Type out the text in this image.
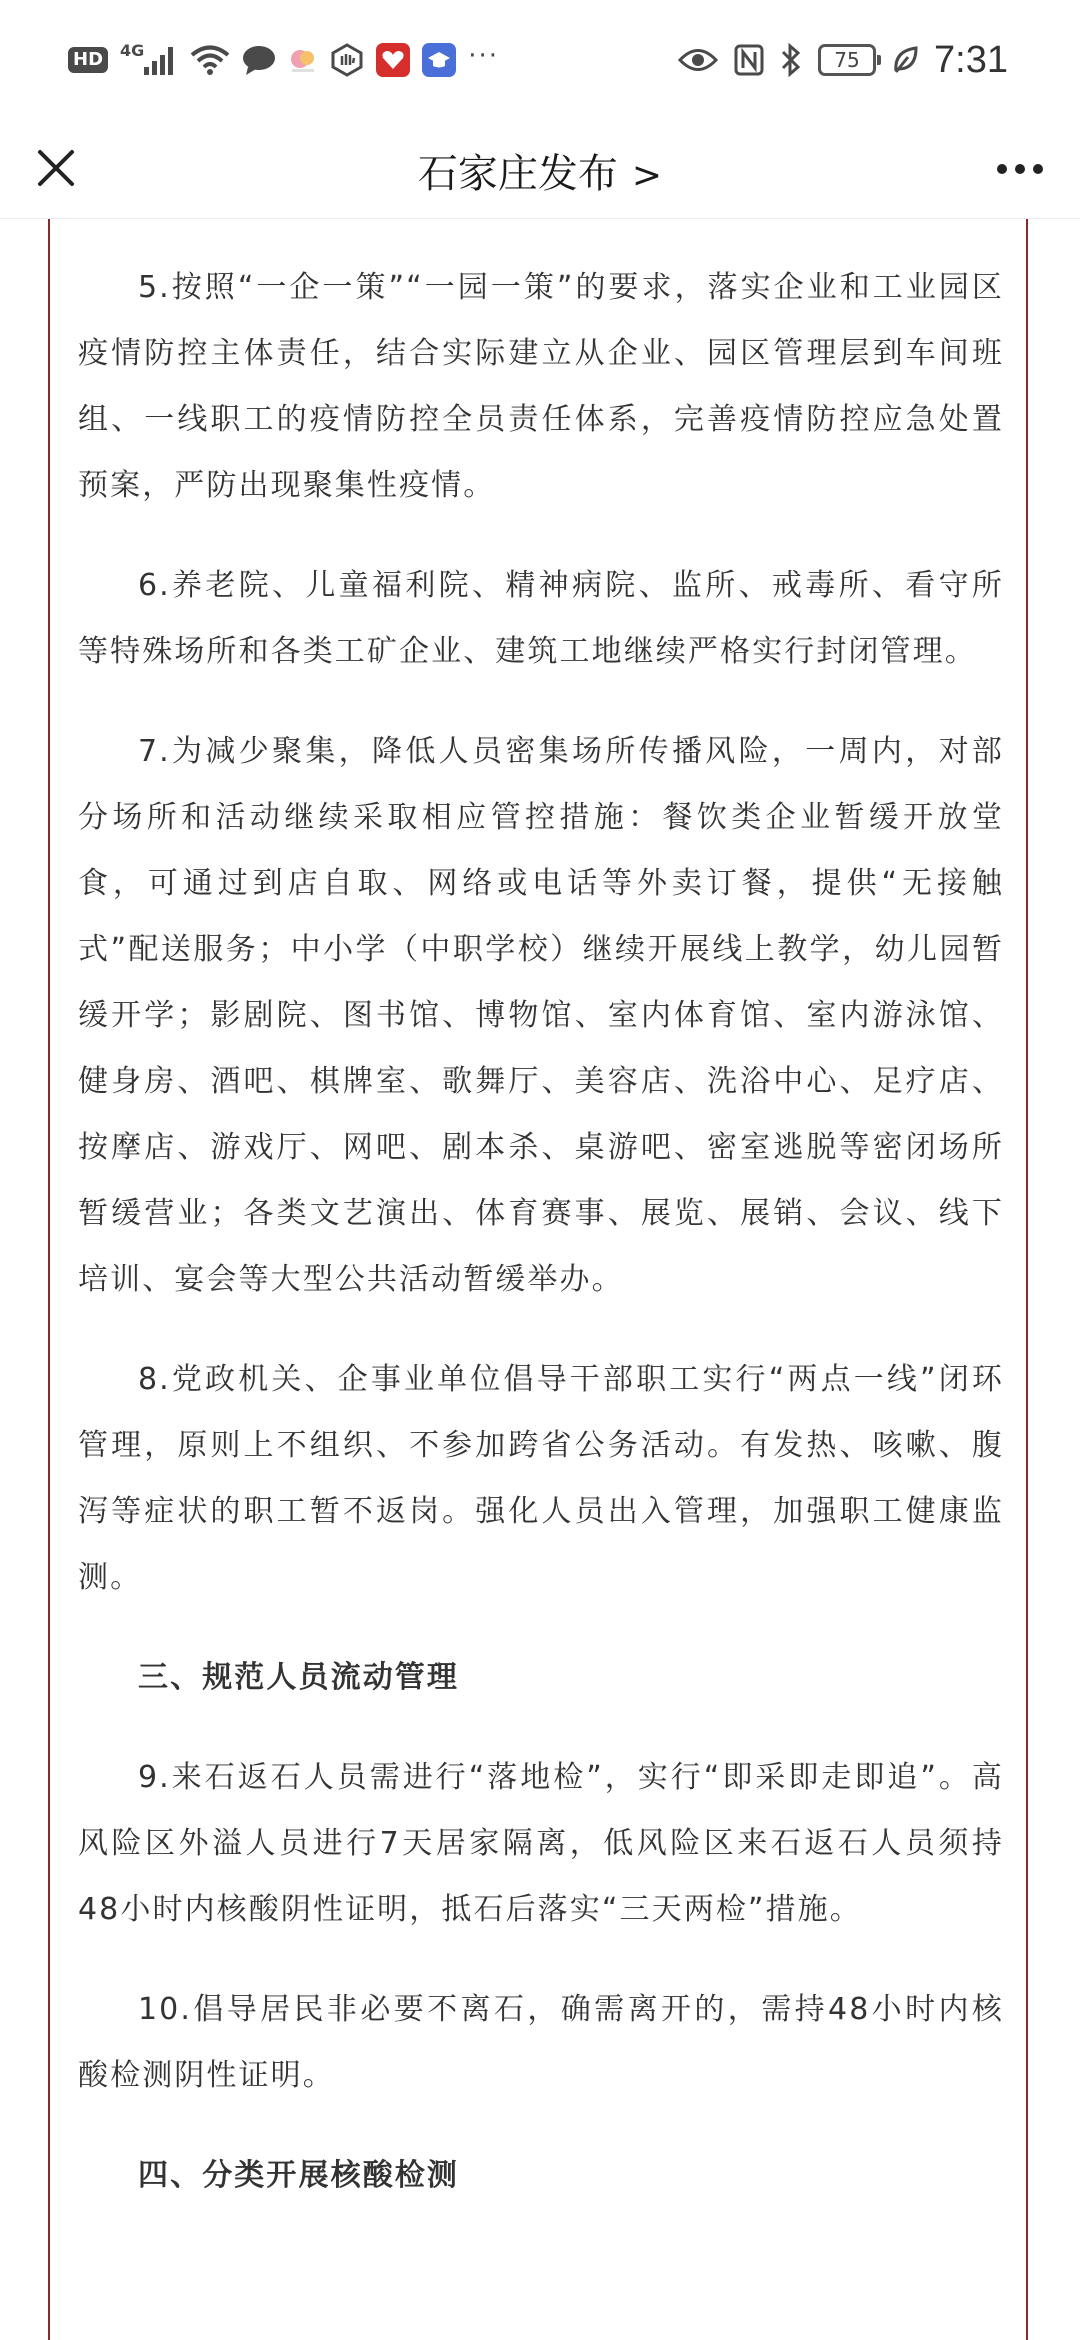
HD	4G	···	75 7:31
石家庄发布 >

5.按照“一企一策”“一园一策”的要求，落实企业和工业园区疫情防控主体责任，结合实际建立从企业、园区管理层到车间班组、一线职工的疫情防控全员责任体系，完善疫情防控应急处置预案，严防出现聚集性疫情。

6.养老院、儿童福利院、精神病院、监所、戒毒所、看守所等特殊场所和各类工矿企业、建筑工地继续严格实行封闭管理。

7.为减少聚集，降低人员密集场所传播风险，一周内，对部分场所和活动继续采取相应管控措施：餐饮类企业暂缓开放堂食，可通过到店自取、网络或电话等外卖订餐，提供“无接触式”配送服务；中小学（中职学校）继续开展线上教学，幼儿园暂缓开学；影剧院、图书馆、博物馆、室内体育馆、室内游泳馆、健身房、酒吧、棋牌室、歌舞厅、美容店、洗浴中心、足疗店、按摩店、游戏厅、网吧、剧本杀、桌游吧、密室逃脱等密闭场所暂缓营业；各类文艺演出、体育赛事、展览、展销、会议、线下培训、宴会等大型公共活动暂缓举办。

8.党政机关、企事业单位倡导干部职工实行“两点一线”闭环管理，原则上不组织、不参加跨省公务活动。有发热、咳嗽、腹泻等症状的职工暂不返岗。强化人员出入管理，加强职工健康监测。

三、规范人员流动管理

9.来石返石人员需进行“落地检”，实行“即采即走即追”。高风险区外溢人员进行7天居家隔离，低风险区来石返石人员须持48小时内核酸阴性证明，抵石后落实“三天两检”措施。

10.倡导居民非必要不离石，确需离开的，需持48小时内核酸检测阴性证明。

四、分类开展核酸检测
